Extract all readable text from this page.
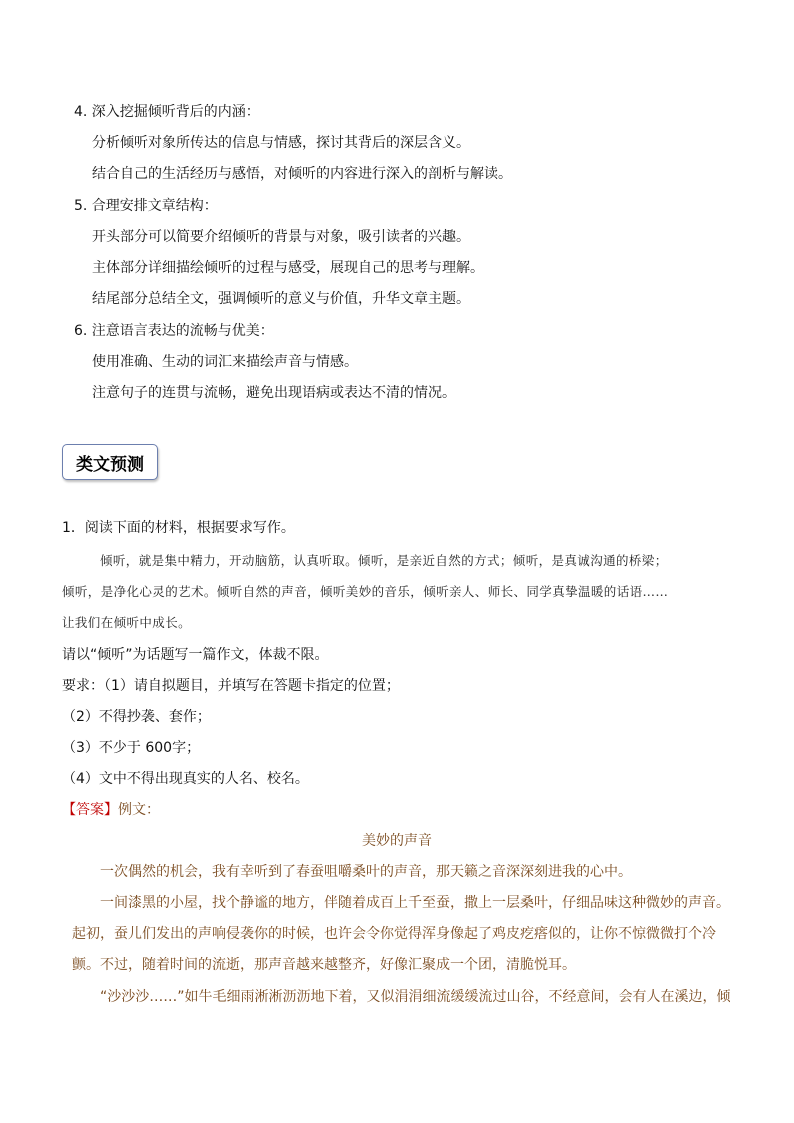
4. 深入挖掘倾听背后的内涵：
分析倾听对象所传达的信息与情感，探讨其背后的深层含义。
结合自己的生活经历与感悟，对倾听的内容进行深入的剖析与解读。
5. 合理安排文章结构：
开头部分可以简要介绍倾听的背景与对象，吸引读者的兴趣。
主体部分详细描绘倾听的过程与感受，展现自己的思考与理解。
结尾部分总结全文，强调倾听的意义与价值，升华文章主题。
6. 注意语言表达的流畅与优美：
使用准确、生动的词汇来描绘声音与情感。
注意句子的连贯与流畅，避免出现语病或表达不清的情况。
类文预测
1．阅读下面的材料，根据要求写作。
倾听，就是集中精力，开动脑筋，认真听取。倾听，是亲近自然的方式；倾听，是真诚沟通的桥梁；
倾听，是净化心灵的艺术。倾听自然的声音，倾听美妙的音乐，倾听亲人、师长、同学真挚温暖的话语……
让我们在倾听中成长。
请以“倾听”为话题写一篇作文，体裁不限。
要求：（1）请自拟题目，并填写在答题卡指定的位置；
（2）不得抄袭、套作；
（3）不少于 600字；
（4）文中不得出现真实的人名、校名。
【答案】例文：
美妙的声音
一次偶然的机会，我有幸听到了春蚕咀嚼桑叶的声音，那天籁之音深深刻进我的心中。
一间漆黑的小屋，找个静谧的地方，伴随着成百上千至蚕，撒上一层桑叶，仔细品味这种微妙的声音。
起初，蚕儿们发出的声响侵袭你的时候，也许会令你觉得浑身像起了鸡皮疙瘩似的，让你不惊微微打个冷
颤。不过，随着时间的流逝，那声音越来越整齐，好像汇聚成一个团，清脆悦耳。
“沙沙沙……”如牛毛细雨淅淅沥沥地下着，又似涓涓细流缓缓流过山谷，不经意间，会有人在溪边，倾
